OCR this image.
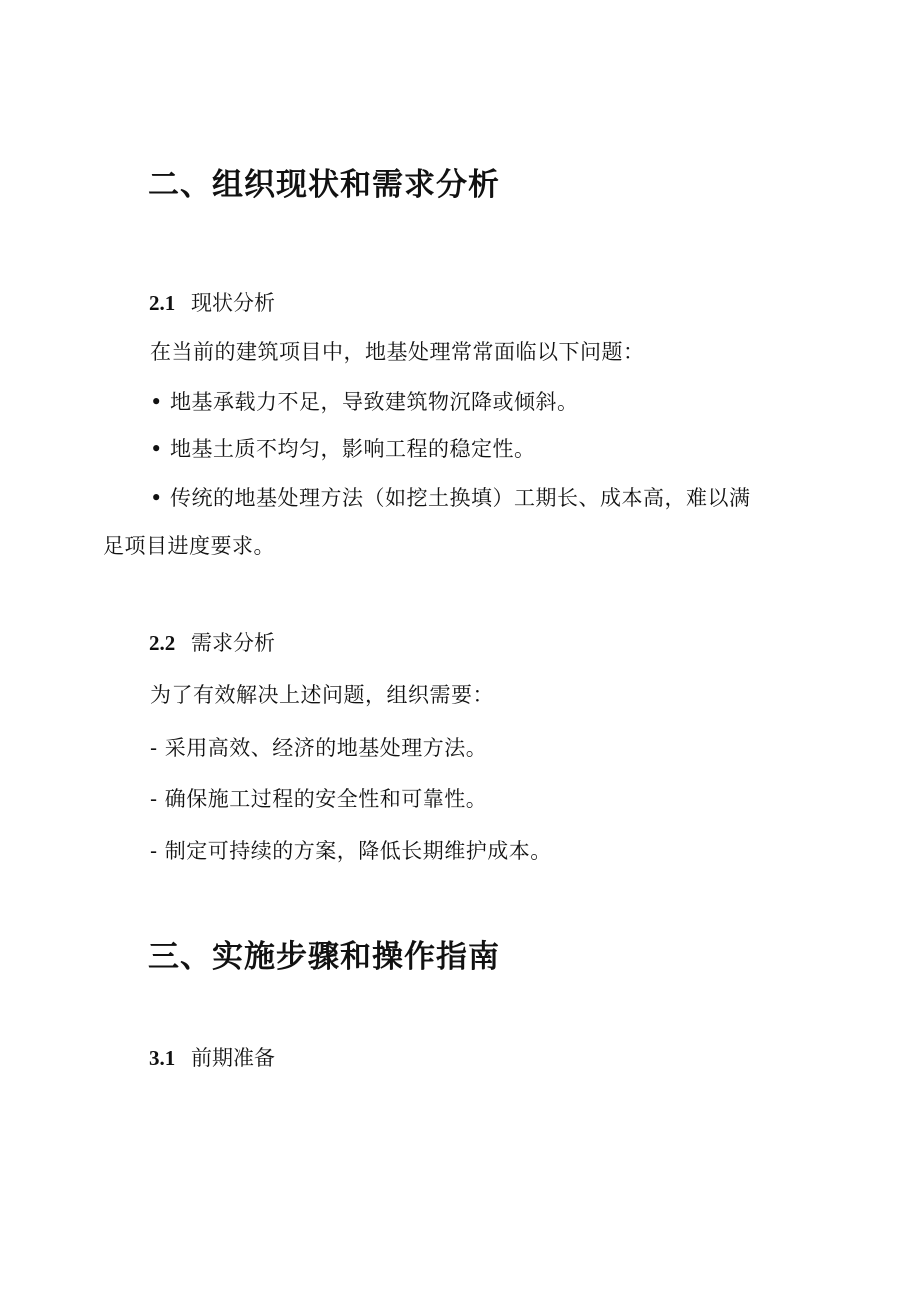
二、组织现状和需求分析
2.1 现状分析
在当前的建筑项目中，地基处理常常面临以下问题：
• 地基承载力不足，导致建筑物沉降或倾斜。
• 地基土质不均匀，影响工程的稳定性。
• 传统的地基处理方法（如挖土换填）工期长、成本高，难以满
足项目进度要求。
2.2 需求分析
为了有效解决上述问题，组织需要：
- 采用高效、经济的地基处理方法。
- 确保施工过程的安全性和可靠性。
- 制定可持续的方案，降低长期维护成本。
三、实施步骤和操作指南
3.1 前期准备
